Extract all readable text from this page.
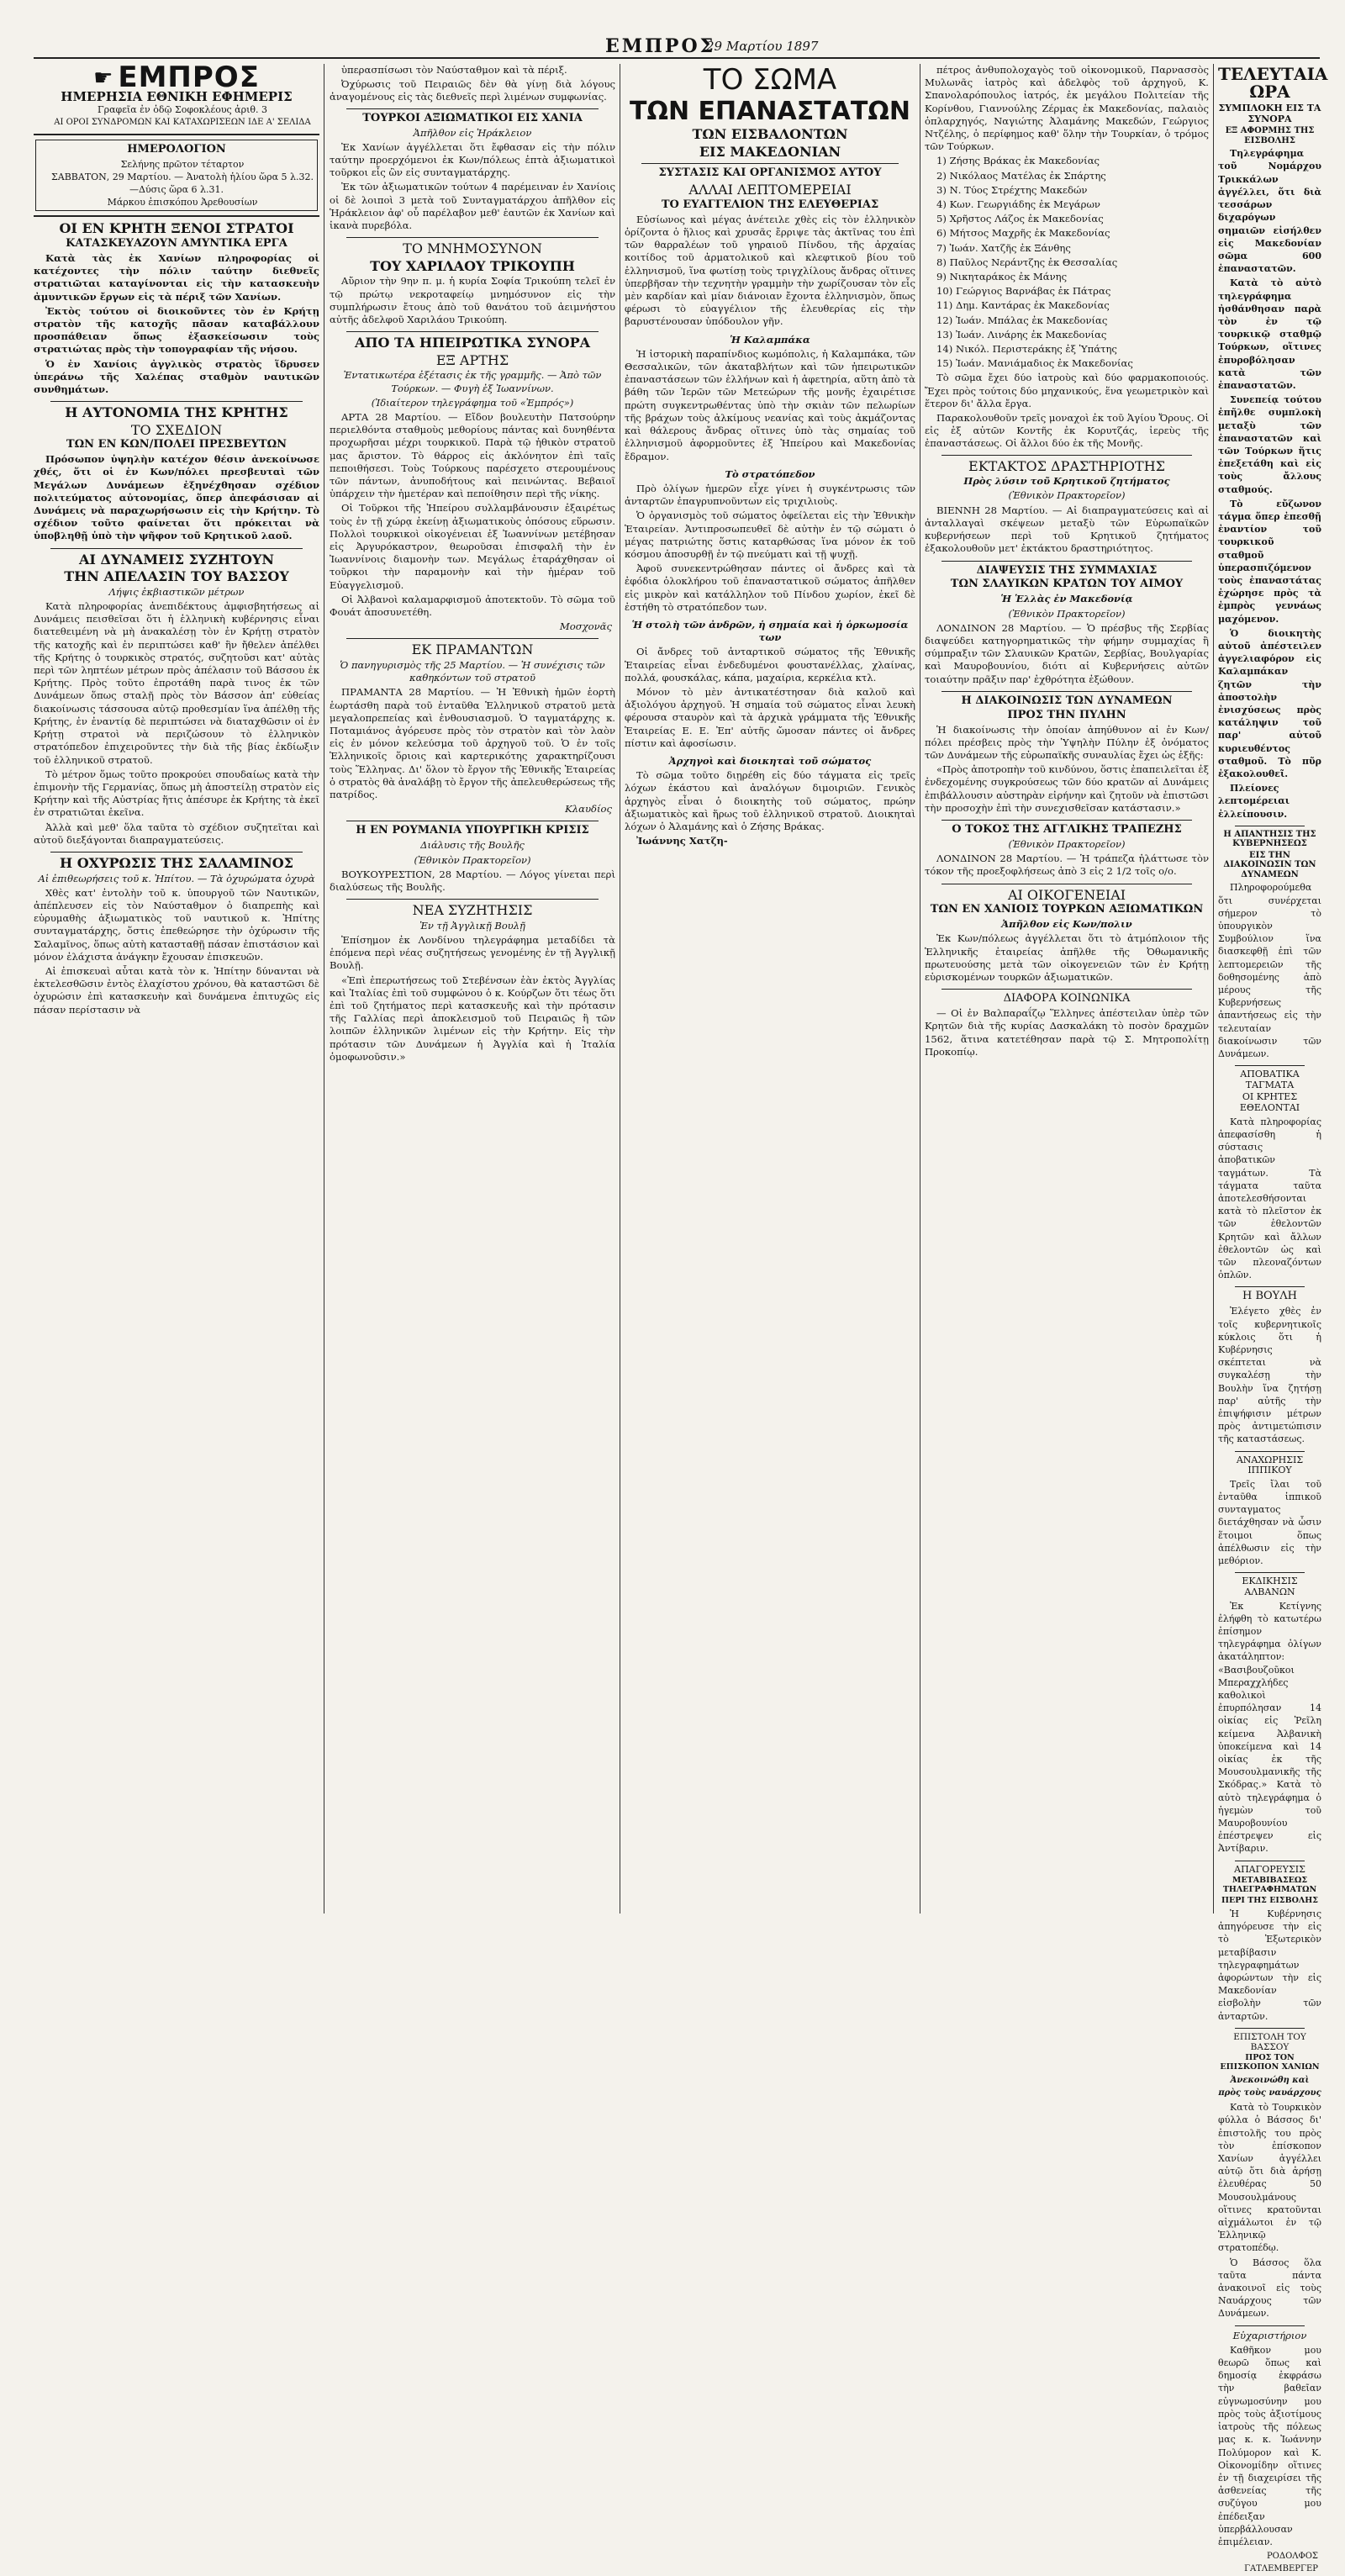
ΕΜΠΡΟΣ
29 Μαρτίου 1897
☛ ΕΜΠΡΟΣ
ΗΜΕΡΗΣΙΑ ΕΘΝΙΚΗ ΕΦΗΜΕΡΙΣ

Γραφεῖα ἐν ὁδῷ Σοφοκλέους ἀριθ. 3

ΑΙ ΟΡΟΙ ΣΥΝΔΡΟΜΩΝ ΚΑΙ ΚΑΤΑΧΩΡΙΣΕΩΝ ΙΔΕ Α' ΣΕΛΙΔΑ

ΗΜΕΡΟΛΟΓΙΟΝ

Σελήνης πρῶτον τέταρτον

ΣΑΒΒΑΤΟΝ, 29 Μαρτίου. — Ἀνατολὴ ἡλίου ὥρα 5 λ.32.—Δύσις ὥρα 6 λ.31.

Μάρκου ἐπισκόπου Ἀρεθουσίων

ΟΙ ΕΝ ΚΡΗΤΗ ΞΕΝΟΙ ΣΤΡΑΤΟΙ
ΚΑΤΑΣΚΕΥΑΖΟΥΝ ΑΜΥΝΤΙΚΑ ΕΡΓΑ

Κατὰ τὰς ἐκ Χανίων πληροφορίας οἱ κατέχοντες τὴν πόλιν ταύτην διεθνεῖς στρατιῶται καταγίνονται εἰς τὴν κατασκευὴν ἀμυντικῶν ἔργων εἰς τὰ πέριξ τῶν Χανίων.

Ἐκτὸς τούτου οἱ διοικοῦντες τὸν ἐν Κρήτῃ στρατὸν τῆς κατοχῆς πᾶσαν καταβάλλουν προσπάθειαν ὅπως ἐξασκείσωσιν τοὺς στρατιώτας πρὸς τὴν τοπογραφίαν τῆς νήσου.

Ὁ ἐν Χανίοις ἀγγλικὸς στρατὸς ἵδρυσεν ὑπεράνω τῆς Χαλέπας σταθμὸν ναυτικῶν συνθημάτων.

Η ΑΥΤΟΝΟΜΙΑ ΤΗΣ ΚΡΗΤΗΣ
ΤΟ ΣΧΕΔΙΟΝ
ΤΩΝ ΕΝ ΚΩΝ/ΠΟΛΕΙ ΠΡΕΣΒΕΥΤΩΝ

Πρόσωπον ὑψηλὴν κατέχον θέσιν ἀνεκοίνωσε χθές, ὅτι οἱ ἐν Κων/πόλει πρεσβευταὶ τῶν Μεγάλων Δυνάμεων ἐξηνέχθησαν σχέδιον πολιτεύματος αὐτονομίας, ὅπερ ἀπεφάσισαν αἱ Δυνάμεις νὰ παραχωρήσωσιν εἰς τὴν Κρήτην. Τὸ σχέδιον τοῦτο φαίνεται ὅτι πρόκειται νὰ ὑποβληθῇ ὑπὸ τὴν ψῆφον τοῦ Κρητικοῦ λαοῦ.

ΑΙ ΔΥΝΑΜΕΙΣ ΣΥΖΗΤΟΥΝ
ΤΗΝ ΑΠΕΛΑΣΙΝ ΤΟΥ ΒΑΣΣΟΥ
Λήψις ἐκβιαστικῶν μέτρων

Κατὰ πληροφορίας ἀνεπιδέκτους ἀμφισβητήσεως αἱ Δυνάμεις πεισθεῖσαι ὅτι ἡ ἑλληνικὴ κυβέρνησις εἶναι διατεθειμένη νὰ μὴ ἀνακαλέσῃ τὸν ἐν Κρήτῃ στρατὸν τῆς κατοχῆς καὶ ἐν περιπτώσει καθ' ἣν ἤθελεν ἀπέλθει τῆς Κρήτης ὁ τουρκικὸς στρατός, συζητοῦσι κατ' αὐτὰς περὶ τῶν ληπτέων μέτρων πρὸς ἀπέλασιν τοῦ Βάσσου ἐκ Κρήτης. Πρὸς τοῦτο ἐπροτάθη παρὰ τινος ἐκ τῶν Δυνάμεων ὅπως σταλῇ πρὸς τὸν Βάσσον ἀπ' εὐθείας διακοίνωσις τάσσουσα αὐτῷ προθεσμίαν ἵνα ἀπέλθῃ τῆς Κρήτης, ἐν ἐναντίᾳ δὲ περιπτώσει νὰ διαταχθῶσιν οἱ ἐν Κρήτῃ στρατοὶ νὰ περιζώσουν τὸ ἑλληνικὸν στρατόπεδον ἐπιχειροῦντες τὴν διὰ τῆς βίας ἐκδίωξιν τοῦ ἑλληνικοῦ στρατοῦ.

Τὸ μέτρον ὅμως τοῦτο προκρούει σπουδαίως κατὰ τὴν ἐπιμονὴν τῆς Γερμανίας, ὅπως μὴ ἀποστείλῃ στρατὸν εἰς Κρήτην καὶ τῆς Αὐστρίας ἥτις ἀπέσυρε ἐκ Κρήτης τὰ ἐκεῖ ἐν στρατιῶται ἐκεῖνα.

Ἀλλὰ καὶ μεθ' ὅλα ταῦτα τὸ σχέδιον συζητεῖται καὶ αὐτοῦ διεξάγονται διαπραγματεύσεις.

Η ΟΧΥΡΩΣΙΣ ΤΗΣ ΣΑΛΑΜΙΝΟΣ
Αἱ ἐπιθεωρήσεις τοῦ κ. Ἠπίτου. — Τὰ ὀχυρώματα ὀχυρὰ

Χθὲς κατ' ἐντολὴν τοῦ κ. ὑπουργοῦ τῶν Ναυτικῶν, ἀπέπλευσεν εἰς τὸν Ναύσταθμον ὁ διαπρεπὴς καὶ εὐρυμαθὴς ἀξιωματικὸς τοῦ ναυτικοῦ κ. Ἠπίτης συνταγματάρχης, ὅστις ἐπεθεώρησε τὴν ὀχύρωσιν τῆς Σαλαμῖνος, ὅπως αὐτὴ κατασταθῇ πάσαν ἐπιστάσιον καὶ μόνον ἐλάχιστα ἀνάγκην ἔχουσαν ἐπισκευῶν.

Αἱ ἐπισκευαὶ αὗται κατὰ τὸν κ. Ἠπίτην δύνανται νὰ ἐκτελεσθῶσιν ἐντὸς ἐλαχίστου χρόνου, θὰ καταστῶσι δὲ ὀχυρώσιν ἐπὶ κατασκευὴν καὶ δυνάμενα ἐπιτυχῶς εἰς πάσαν περίστασιν νὰ

ὑπερασπίσωσι τὸν Ναύσταθμον καὶ τὰ πέριξ.

Ὀχύρωσις τοῦ Πειραιῶς δὲν θὰ γίνῃ διὰ λόγους ἀναγομένους εἰς τὰς διεθνεῖς περὶ λιμένων συμφωνίας.

ΤΟΥΡΚΟΙ ΑΞΙΩΜΑΤΙΚΟΙ ΕΙΣ ΧΑΝΙΑ
Ἀπῆλθον εἰς Ἡράκλειον

Ἐκ Χανίων ἀγγέλλεται ὅτι ἔφθασαν εἰς τὴν πόλιν ταύτην προερχόμενοι ἐκ Κων/πόλεως ἑπτὰ ἀξιωματικοὶ τοῦρκοι εἷς ὢν εἰς συνταγματάρχης.

Ἐκ τῶν ἀξιωματικῶν τούτων 4 παρέμειναν ἐν Χανίοις οἱ δὲ λοιποὶ 3 μετὰ τοῦ Συνταγματάρχου ἀπῆλθον εἰς Ἡράκλειον ἀφ' οὗ παρέλαβον μεθ' ἑαυτῶν ἐκ Χανίων καὶ ἱκανὰ πυρεβόλα.

ΤΟ ΜΝΗΜΟΣΥΝΟΝ
ΤΟΥ ΧΑΡΙΛΑΟΥ ΤΡΙΚΟΥΠΗ

Αὔριον τὴν 9ην π. μ. ἡ κυρία Σοφία Τρικούπη τελεῖ ἐν τῷ πρώτῳ νεκροταφείῳ μνημόσυνον εἰς τὴν συμπλήρωσιν ἔτους ἀπὸ τοῦ θανάτου τοῦ ἀειμνήστου αὐτῆς ἀδελφοῦ Χαριλάου Τρικούπη.

ΑΠΟ ΤΑ ΗΠΕΙΡΩΤΙΚΑ ΣΥΝΟΡΑ
ΕΞ ΑΡΤΗΣ
Ἐντατικωτέρα ἐξέτασις ἐκ τῆς γραμμῆς. — Ἀπὸ τῶν Τούρκων. — Φυγὴ ἐξ Ἰωαννίνων.
(Ἰδιαίτερον τηλεγράφημα τοῦ «Ἐμπρός»)

ΑΡΤΑ 28 Μαρτίου. — Εἴδον βουλευτὴν Πατσούρην περιελθόντα σταθμοὺς μεθορίους πάντας καὶ δυνηθέντα προχωρῆσαι μέχρι τουρκικοῦ. Παρὰ τῷ ἡθικὸν στρατοῦ μας ἄριστον. Τὸ θάρρος εἰς ἀκλόνητον ἐπὶ ταῖς πεποιθήσεσι. Τοὺς Τούρκους παρέσχετο στερουμένους τῶν πάντων, ἀνυποδήτους καὶ πεινώντας. Βεβαιοῖ ὑπάρχειν τὴν ἡμετέραν καὶ πεποίθησιν περὶ τῆς νίκης.

Οἱ Τοῦρκοι τῆς Ἠπείρου συλλαμβάνουσιν ἐξαιρέτως τοὺς ἐν τῇ χώρᾳ ἐκείνῃ ἀξιωματικοὺς ὁπόσους εὕρωσιν. Πολλοὶ τουρκικοὶ οἰκογένειαι ἐξ Ἰωαννίνων μετέβησαν εἰς Ἀργυρόκαστρον, θεωροῦσαι ἐπισφαλῆ τὴν ἐν Ἰωαννίνοις διαμονὴν των. Μεγάλως ἐταράχθησαν οἱ τοῦρκοι τὴν παραμονὴν καὶ τὴν ἡμέραν τοῦ Εὐαγγελισμοῦ.

Οἱ Ἀλβανοὶ καλαμαρφισμοῦ ἀποτεκτοῦν. Τὸ σῶμα τοῦ Φουάτ ἀποσυνετέθη.

Μοσχονᾶς
ΕΚ ΠΡΑΜΑΝΤΩΝ
Ὁ πανηγυρισμὸς τῆς 25 Μαρτίου. — Ἡ συνέχισις τῶν καθηκόντων τοῦ στρατοῦ

ΠΡΑΜΑΝΤΑ 28 Μαρτίου. — Ἡ Ἐθνικὴ ἡμῶν ἑορτὴ ἑωρτάσθη παρὰ τοῦ ἐνταῦθα Ἑλληνικοῦ στρατοῦ μετὰ μεγαλοπρεπείας καὶ ἐνθουσιασμοῦ. Ὁ ταγματάρχης κ. Ποταμιάνος ἀγόρευσε πρὸς τὸν στρατὸν καὶ τὸν λαὸν εἰς ἐν μόνον κελεύσμα τοῦ ἀρχηγοῦ τοῦ. Ὁ ἐν τοῖς Ἑλληνικοῖς ὅριοις καὶ καρτερικότης χαρακτηρίζουσι τοὺς Ἕλληνας. Δι' ὅλον τὸ ἔργον τῆς Ἐθνικῆς Ἑταιρείας ὁ στρατὸς θὰ ἀναλάβῃ τὸ ἔργον τῆς ἀπελευθερώσεως τῆς πατρίδος.

Κλαυδίος
Η ΕΝ ΡΟΥΜΑΝΙΑ ΥΠΟΥΡΓΙΚΗ ΚΡΙΣΙΣ
Διάλυσις τῆς Βουλῆς
(Ἐθνικὸν Πρακτορεῖον)

ΒΟΥΚΟΥΡΕΣΤΙΟΝ, 28 Μαρτίου. — Λόγος γίνεται περὶ διαλύσεως τῆς Βουλῆς.

ΝΕΑ ΣΥΖΗΤΗΣΙΣ
Ἐν τῇ Ἀγγλικῇ Βουλῇ

Ἐπίσημον ἐκ Λονδίνου τηλεγράφημα μεταδίδει τὰ ἑπόμενα περὶ νέας συζητήσεως γενομένης ἐν τῇ Ἀγγλικῇ Βουλῇ.

«Ἐπὶ ἐπερωτήσεως τοῦ Στεβένσων ἐὰν ἐκτὸς Ἀγγλίας καὶ Ἰταλίας ἐπὶ τοῦ συμφώνου ὁ κ. Κούρζων ὅτι τέως ὅτι ἐπὶ τοῦ ζητήματος περὶ κατασκευῆς καὶ τὴν πρότασιν τῆς Γαλλίας περὶ ἀποκλεισμοῦ τοῦ Πειραιῶς ἢ τῶν λοιπῶν ἑλληνικῶν λιμένων εἰς τὴν Κρήτην. Εἰς τὴν πρότασιν τῶν Δυνάμεων ἡ Ἀγγλία καὶ ἡ Ἰταλία ὁμοφωνοῦσιν.»

ΤΟ ΣΩΜΑ
ΤΩΝ ΕΠΑΝΑΣΤΑΤΩΝ
ΤΩΝ ΕΙΣΒΑΛΟΝΤΩΝ
ΕΙΣ ΜΑΚΕΔΟΝΙΑΝ
ΣΥΣΤΑΣΙΣ ΚΑΙ ΟΡΓΑΝΙΣΜΟΣ ΑΥΤΟΥ
ΑΛΛΑΙ ΛΕΠΤΟΜΕΡΕΙΑΙ
ΤΟ ΕΥΑΓΓΕΛΙΟΝ ΤΗΣ ΕΛΕΥΘΕΡΙΑΣ

Εὐσίωνος καὶ μέγας ἀνέτειλε χθὲς εἰς τὸν ἑλληνικὸν ὁρίζοντα ὁ ἥλιος καὶ χρυσᾶς ἔρριψε τὰς ἀκτῖνας του ἐπὶ τῶν θαρραλέων τοῦ γηραιοῦ Πίνδου, τῆς ἀρχαίας κοιτίδος τοῦ ἀρματολικοῦ καὶ κλεφτικοῦ βίου τοῦ ἑλληνισμοῦ, ἵνα φωτίσῃ τοὺς τριγχλίλους ἄνδρας οἵτινες ὑπερβῆσαν τὴν τεχνητὴν γραμμὴν τὴν χωρίζουσαν τὸν εἷς μὲν καρδίαν καὶ μίαν διάνοιαν ἔχοντα ἑλληνισμὸν, ὅπως φέρωσι τὸ εὐαγγέλιον τῆς ἐλευθερίας εἰς τὴν βαρυστένουσαν ὑπόδουλον γῆν.

Ἡ Καλαμπάκα

Ἡ ἱστορικὴ παραπίνδιος κωμόπολις, ἡ Καλαμπάκα, τῶν Θεσσαλικῶν, τῶν ἀκαταβλήτων καὶ τῶν ἠπειρωτικῶν ἐπαναστάσεων τῶν ἑλλήνων καὶ ἡ ἀφετηρία, αὕτη ἀπὸ τὰ βάθη τῶν Ἱερῶν τῶν Μετεώρων τῆς μονῆς ἐχαιρέτισε πρώτη συγκεντρωθέντας ὑπὸ τὴν σκιὰν τῶν πελωρίων τῆς βράχων τοὺς ἀλκίμους νεανίας καὶ τοὺς ἀκμάζοντας καὶ θάλερους ἄνδρας οἵτινες ὑπὸ τὰς σημαίας τοῦ ἑλληνισμοῦ ἀφορμοῦντες ἐξ Ἠπείρου καὶ Μακεδονίας ἔδραμον.

Τὸ στρατόπεδον

Πρὸ ὀλίγων ἡμερῶν εἶχε γίνει ἡ συγκέντρωσις τῶν ἀνταρτῶν ἐπαγρυπνοῦντων εἰς τριχιλιοὺς.

Ὁ ὀργανισμὸς τοῦ σώματος ὀφείλεται εἰς τὴν Ἐθνικὴν Ἑταιρείαν. Ἀντιπροσωπευθεῖ δὲ αὐτὴν ἐν τῷ σώματι ὁ μέγας πατριώτης ὅστις καταρθώσας ἵνα μόνον ἐκ τοῦ κόσμου ἀποσυρθῇ ἐν τῷ πνεύματι καὶ τῇ ψυχῇ.

Ἀφοῦ συνεκεντρώθησαν πάντες οἱ ἄνδρες καὶ τὰ ἐφόδια ὁλοκλήρου τοῦ ἐπαναστατικοῦ σώματος ἀπῆλθεν εἰς μικρὸν καὶ κατάλληλον τοῦ Πίνδου χωρίον, ἐκεῖ δὲ ἐστήθη τὸ στρατόπεδον των.

Ἡ στολὴ τῶν ἀνδρῶν, ἡ σημαία καὶ ἡ ὁρκωμοσία των

Οἱ ἄνδρες τοῦ ἀνταρτικοῦ σώματος τῆς Ἐθνικῆς Ἑταιρείας εἶναι ἐνδεδυμένοι φουστανέλλας, χλαίνας, πολλά, φουσκάλας, κάπα, μαχαίρια, κερκέλια κτλ.

Μόνον τὸ μὲν ἀντικατέστησαν διὰ καλοῦ καὶ ἀξιολόγου ἀρχηγοῦ. Ἡ σημαία τοῦ σώματος εἶναι λευκὴ φέρουσα σταυρὸν καὶ τὰ ἀρχικὰ γράμματα τῆς Ἐθνικῆς Ἑταιρείας Ε. Ε. Ἐπ' αὐτῆς ὤμοσαν πάντες οἱ ἄνδρες πίστιν καὶ ἀφοσίωσιν.

Ἀρχηγοὶ καὶ διοικηταὶ τοῦ σώματος

Τὸ σῶμα τοῦτο διῃρέθη εἰς δύο τάγματα εἰς τρεῖς λόχων ἑκάστου καὶ ἀναλόγων διμοιριῶν. Γενικὸς ἀρχηγὸς εἶναι ὁ διοικητὴς τοῦ σώματος, πρώην ἀξιωματικὸς καὶ ἥρως τοῦ ἑλληνικοῦ στρατοῦ. Διοικηταὶ λόχων ὁ Ἀλαμάνης καὶ ὁ Ζήσης Βράκας.

Ἰωάννης Χατζη-

πέτρος ἀνθυπολοχαγὸς τοῦ οἰκονομικοῦ, Παρνασσὸς Μυλωνᾶς ἰατρὸς καὶ ἀδελφὸς τοῦ ἀρχηγοῦ, Κ. Σπανολαρόπουλος ἰατρός, ἐκ μεγάλου Πολιτείαν τῆς Κορίνθου, Γιαννούλης Ζέρμας ἐκ Μακεδονίας, παλαιὸς ὁπλαρχηγός, Ναγιώτης Ἀλαμάνης Μακεδών, Γεώργιος Ντζέλης, ὁ περίφημος καθ' ὅλην τὴν Τουρκίαν, ὁ τρόμος τῶν Τούρκων.

1) Ζήσης Βράκας ἐκ Μακεδονίας

2) Νικόλαος Ματέλας ἐκ Σπάρτης

3) Ν. Τύος Στρέχτης Μακεδών

4) Κων. Γεωργιάδης ἐκ Μεγάρων

5) Χρῆστος Λάζος ἐκ Μακεδονίας

6) Μήτσος Μαχρῆς ἐκ Μακεδονίας

7) Ἰωάν. Χατζῆς ἐκ Ξάνθης

8) Παῦλος Νεράντζης ἐκ Θεσσαλίας

9) Νικηταράκος ἐκ Μάνης

10) Γεώργιος Βαρνάβας ἐκ Πάτρας

11) Δημ. Καντάρας ἐκ Μακεδονίας

12) Ἰωάν. Μπάλας ἐκ Μακεδονίας

13) Ἰωάν. Λινάρης ἐκ Μακεδονίας

14) Νικόλ. Περιστεράκης ἐξ Ὑπάτης

15) Ἰωάν. Μανιάμαδιος ἐκ Μακεδονίας

Τὸ σῶμα ἔχει δύο ἰατροὺς καὶ δύο φαρμακοποιούς. Ἔχει πρὸς τούτοις δύο μηχανικούς, ἕνα γεωμετρικὸν καὶ ἕτερον δι' ἄλλα ἔργα.

Παρακολουθοῦν τρεῖς μοναχοὶ ἐκ τοῦ Ἁγίου Ὄρους. Οἱ εἰς ἐξ αὐτῶν Κοντῆς ἐκ Κορυτζάς, ἱερεὺς τῆς ἐπαναστάσεως. Οἱ ἄλλοι δύο ἐκ τῆς Μονῆς.

ΕΚΤΑΚΤΟΣ ΔΡΑΣΤΗΡΙΟΤΗΣ
Πρὸς λύσιν τοῦ Κρητικοῦ ζητήματος
(Ἐθνικὸν Πρακτορεῖον)

ΒΙΕΝΝΗ 28 Μαρτίου. — Αἱ διαπραγματεύσεις καὶ αἱ ἀνταλλαγαὶ σκέψεων μεταξὺ τῶν Εὐρωπαϊκῶν κυβερνήσεων περὶ τοῦ Κρητικοῦ ζητήματος ἐξακολουθοῦν μετ' ἐκτάκτου δραστηριότητος.

ΔΙΑΨΕΥΣΙΣ ΤΗΣ ΣΥΜΜΑΧΙΑΣ
ΤΩΝ ΣΛΑΥΙΚΩΝ ΚΡΑΤΩΝ ΤΟΥ ΑΙΜΟΥ
Ἡ Ἑλλὰς ἐν Μακεδονίᾳ
(Ἐθνικὸν Πρακτορεῖον)

ΛΟΝΔΙΝΟΝ 28 Μαρτίου. — Ὁ πρέσβυς τῆς Σερβίας διαψεύδει κατηγορηματικῶς τὴν φήμην συμμαχίας ἢ σύμπραξιν τῶν Σλαυικῶν Κρατῶν, Σερβίας, Βουλγαρίας καὶ Μαυροβουνίου, διότι αἱ Κυβερνήσεις αὐτῶν τοιαύτην πρᾶξιν παρ' ἐχθρότητα ἐξώθουν.

Η ΔΙΑΚΟΙΝΩΣΙΣ ΤΩΝ ΔΥΝΑΜΕΩΝ
ΠΡΟΣ ΤΗΝ ΠΥΛΗΝ

Ἡ διακοίνωσις τὴν ὁποίαν ἀπηύθυνον αἱ ἐν Κων/πόλει πρέσβεις πρὸς τὴν Ὑψηλὴν Πύλην ἐξ ὀνόματος τῶν Δυνάμεων τῆς εὐρωπαϊκῆς συναυλίας ἔχει ὡς ἑξῆς:

«Πρὸς ἀποτροπὴν τοῦ κινδύνου, ὅστις ἐπαπειλεῖται ἐξ ἐνδεχομένης συγκρούσεως τῶν δύο κρατῶν αἱ Δυνάμεις ἐπιβάλλουσιν αὐστηρὰν εἰρήνην καὶ ζητοῦν νὰ ἐπιστῶσι τὴν προσοχὴν ἐπὶ τὴν συνεχισθεῖσαν κατάστασιν.»

Ο ΤΟΚΟΣ ΤΗΣ ΑΓΓΛΙΚΗΣ ΤΡΑΠΕΖΗΣ
(Ἐθνικὸν Πρακτορεῖον)

ΛΟΝΔΙΝΟΝ 28 Μαρτίου. — Ἡ τράπεζα ἠλάττωσε τὸν τόκον τῆς προεξοφλήσεως ἀπὸ 3 εἰς 2 1/2 τοῖς ο/ο.

ΑΙ ΟΙΚΟΓΕΝΕΙΑΙ
ΤΩΝ ΕΝ ΧΑΝΙΟΙΣ ΤΟΥΡΚΩΝ ΑΞΙΩΜΑΤΙΚΩΝ
Ἀπῆλθον εἰς Κων/πολιν

Ἐκ Κων/πόλεως ἀγγέλλεται ὅτι τὸ ἀτμόπλοιον τῆς Ἑλληνικῆς ἐταιρείας ἀπῆλθε τῆς Ὀθωμανικῆς πρωτευούσης μετὰ τῶν οἰκογενειῶν τῶν ἐν Κρήτῃ εὑρισκομένων τουρκῶν ἀξιωματικῶν.

ΔΙΑΦΟΡΑ ΚΟΙΝΩΝΙΚΑ

— Οἱ ἐν Βαλπαραΐζῳ Ἕλληνες ἀπέστειλαν ὑπὲρ τῶν Κρητῶν διὰ τῆς κυρίας Δασκαλάκη τὸ ποσὸν δραχμῶν 1562, ἅτινα κατετέθησαν παρὰ τῷ Σ. Μητροπολίτῃ Προκοπίῳ.

ΤΕΛΕΥΤΑΙΑ ΩΡΑ
ΣΥΜΠΛΟΚΗ ΕΙΣ ΤΑ ΣΥΝΟΡΑ
ΕΞ ΑΦΟΡΜΗΣ ΤΗΣ ΕΙΣΒΟΛΗΣ

Τηλεγράφημα τοῦ Νομάρχου Τρικκάλων ἀγγέλλει, ὅτι διὰ τεσσάρων διχαρόγων σημαιῶν εἰσήλθεν εἰς Μακεδονίαν σῶμα 600 ἐπαναστατῶν.

Κατὰ τὸ αὐτὸ τηλεγράφημα ἠσθάνθησαν παρὰ τὸν ἐν τῷ τουρκικῷ σταθμῷ Τούρκων, οἵτινες ἐπυροβόλησαν κατὰ τῶν ἐπαναστατῶν.

Συνεπείᾳ τούτου ἐπῆλθε συμπλοκὴ μεταξὺ τῶν ἐπαναστατῶν καὶ τῶν Τούρκων ἥτις ἐπεξετάθη καὶ εἰς τοὺς ἄλλους σταθμούς.

Τὸ εὔζωνον τάγμα ὅπερ ἐπεσθῇ ἐναντίον τοῦ τουρκικοῦ σταθμοῦ ὑπερασπιζόμενον τοὺς ἐπαναστάτας ἐχώρησε πρὸς τὰ ἐμπρὸς γεννάως μαχόμενον.

Ὁ διοικητὴς αὐτοῦ ἀπέστειλεν ἀγγελιαφόρον εἰς Καλαμπάκαν ζητῶν τὴν ἀποστολὴν ἐνισχύσεως πρὸς κατάληψιν τοῦ παρ' αὐτοῦ κυριευθέντος σταθμοῦ. Τὸ πῦρ ἐξακολουθεῖ.

Πλείονες λεπτομέρειαι ἐλλείπουσιν.

Η ΑΠΑΝΤΗΣΙΣ ΤΗΣ ΚΥΒΕΡΝΗΣΕΩΣ
ΕΙΣ ΤΗΝ ΔΙΑΚΟΙΝΩΣΙΝ ΤΩΝ ΔΥΝΑΜΕΩΝ

Πληροφορούμεθα ὅτι συνέρχεται σήμερον τὸ ὑπουργικὸν Συμβούλιον ἵνα διασκεφθῇ ἐπὶ τῶν λεπτομερειῶν τῆς δοθησομένης ἀπὸ μέρους τῆς Κυβερνήσεως ἀπαντήσεως εἰς τὴν τελευταίαν διακοίνωσιν τῶν Δυνάμεων.

ΑΠΟΒΑΤΙΚΑ ΤΑΓΜΑΤΑ
ΟΙ ΚΡΗΤΕΣ ΕΘΕΛΟΝΤΑΙ

Κατὰ πληροφορίας ἀπεφασίσθη ἡ σύστασις ἀποβατικῶν ταγμάτων. Τὰ τάγματα ταῦτα ἀποτελεσθήσονται κατὰ τὸ πλεῖστον ἐκ τῶν ἐθελοντῶν Κρητῶν καὶ ἄλλων ἐθελοντῶν ὡς καὶ τῶν πλεοναζόντων ὁπλῶν.

Η ΒΟΥΛΗ

Ἐλέγετο χθὲς ἐν τοῖς κυβερνητικοῖς κύκλοις ὅτι ἡ Κυβέρνησις σκέπτεται νὰ συγκαλέσῃ τὴν Βουλὴν ἵνα ζητήσῃ παρ' αὐτῆς τὴν ἐπιψήφισιν μέτρων πρὸς ἀντιμετώπισιν τῆς καταστάσεως.

ΑΝΑΧΩΡΗΣΙΣ ΙΠΠΙΚΟΥ

Τρεῖς ἴλαι τοῦ ἐνταῦθα ἱππικοῦ συνταγματος διετάχθησαν νὰ ὦσιν ἕτοιμοι ὅπως ἀπέλθωσιν εἰς τὴν μεθόριον.

ΕΚΔΙΚΗΣΙΣ ΑΛΒΑΝΩΝ

Ἐκ Κετίγνης ἐλήφθη τὸ κατωτέρω ἐπίσημον τηλεγράφημα ὀλίγων ἀκατάληπτον: «Βασιβουζοῦκοι Μπεραχχλήδες καθολικοὶ ἐπυρπόλησαν 14 οἰκίας εἰς Ῥεῖλη κείμενα Ἀλβανικὴ ὑποκείμενα καὶ 14 οἰκίας ἐκ τῆς Μουσουλμανικῆς τῆς Σκόδρας.» Κατὰ τὸ αὐτὸ τηλεγράφημα ὁ ἡγεμὼν τοῦ Μαυροβουνίου ἐπέστρεψεν εἰς Ἀντίβαριν.

ΑΠΑΓΟΡΕΥΣΙΣ
ΜΕΤΑΒΙΒΑΣΕΩΣ ΤΗΛΕΓΡΑΦΗΜΑΤΩΝ
ΠΕΡΙ ΤΗΣ ΕΙΣΒΟΛΗΣ

Ἡ Κυβέρνησις ἀπηγόρευσε τὴν εἰς τὸ Ἐξωτερικὸν μεταβίβασιν τηλεγραφημάτων ἀφορώντων τὴν εἰς Μακεδονίαν εἰσβολὴν τῶν ἀνταρτῶν.

ΕΠΙΣΤΟΛΗ ΤΟΥ ΒΑΣΣΟΥ
ΠΡΟΣ ΤΟΝ ΕΠΙΣΚΟΠΟΝ ΧΑΝΙΩΝ
Ἀνεκοινώθη καὶ πρὸς τοὺς ναυάρχους

Κατὰ τὸ Τουρκικὸν φύλλα ὁ Βάσσος δι' ἐπιστολῆς του πρὸς τὸν ἐπίσκοπον Χανίων ἀγγέλλει αὐτῷ ὅτι διὰ ἀρήσῃ ἐλευθέρας 50 Μουσουλμάνους οἵτινες κρατοῦνται αἰχμάλωτοι ἐν τῷ Ἑλληνικῷ στρατοπέδῳ.

Ὁ Βάσσος ὅλα ταῦτα πάντα ἀνακοινοῖ εἰς τοὺς Ναυάρχους τῶν Δυνάμεων.

Εὐχαριστήριον

Καθῆκον μου θεωρῶ ὅπως καὶ δημοσίᾳ ἐκφράσω τὴν βαθεῖαν εὐγνωμοσύνην μου πρὸς τοὺς ἀξιοτίμους ἰατροὺς τῆς πόλεως μας κ. κ. Ἰωάννην Πολύμορον καὶ Κ. Οἰκονομίδην οἵτινες ἐν τῇ διαχειρίσει τῆς ἀσθενείας τῆς συζύγου μου ἐπέδειξαν ὑπερβάλλουσαν ἐπιμέλειαν.

ΡΟΔΟΛΦΟΣ ΓΑΤΛΕΜΒΕΡΓΕΡ
